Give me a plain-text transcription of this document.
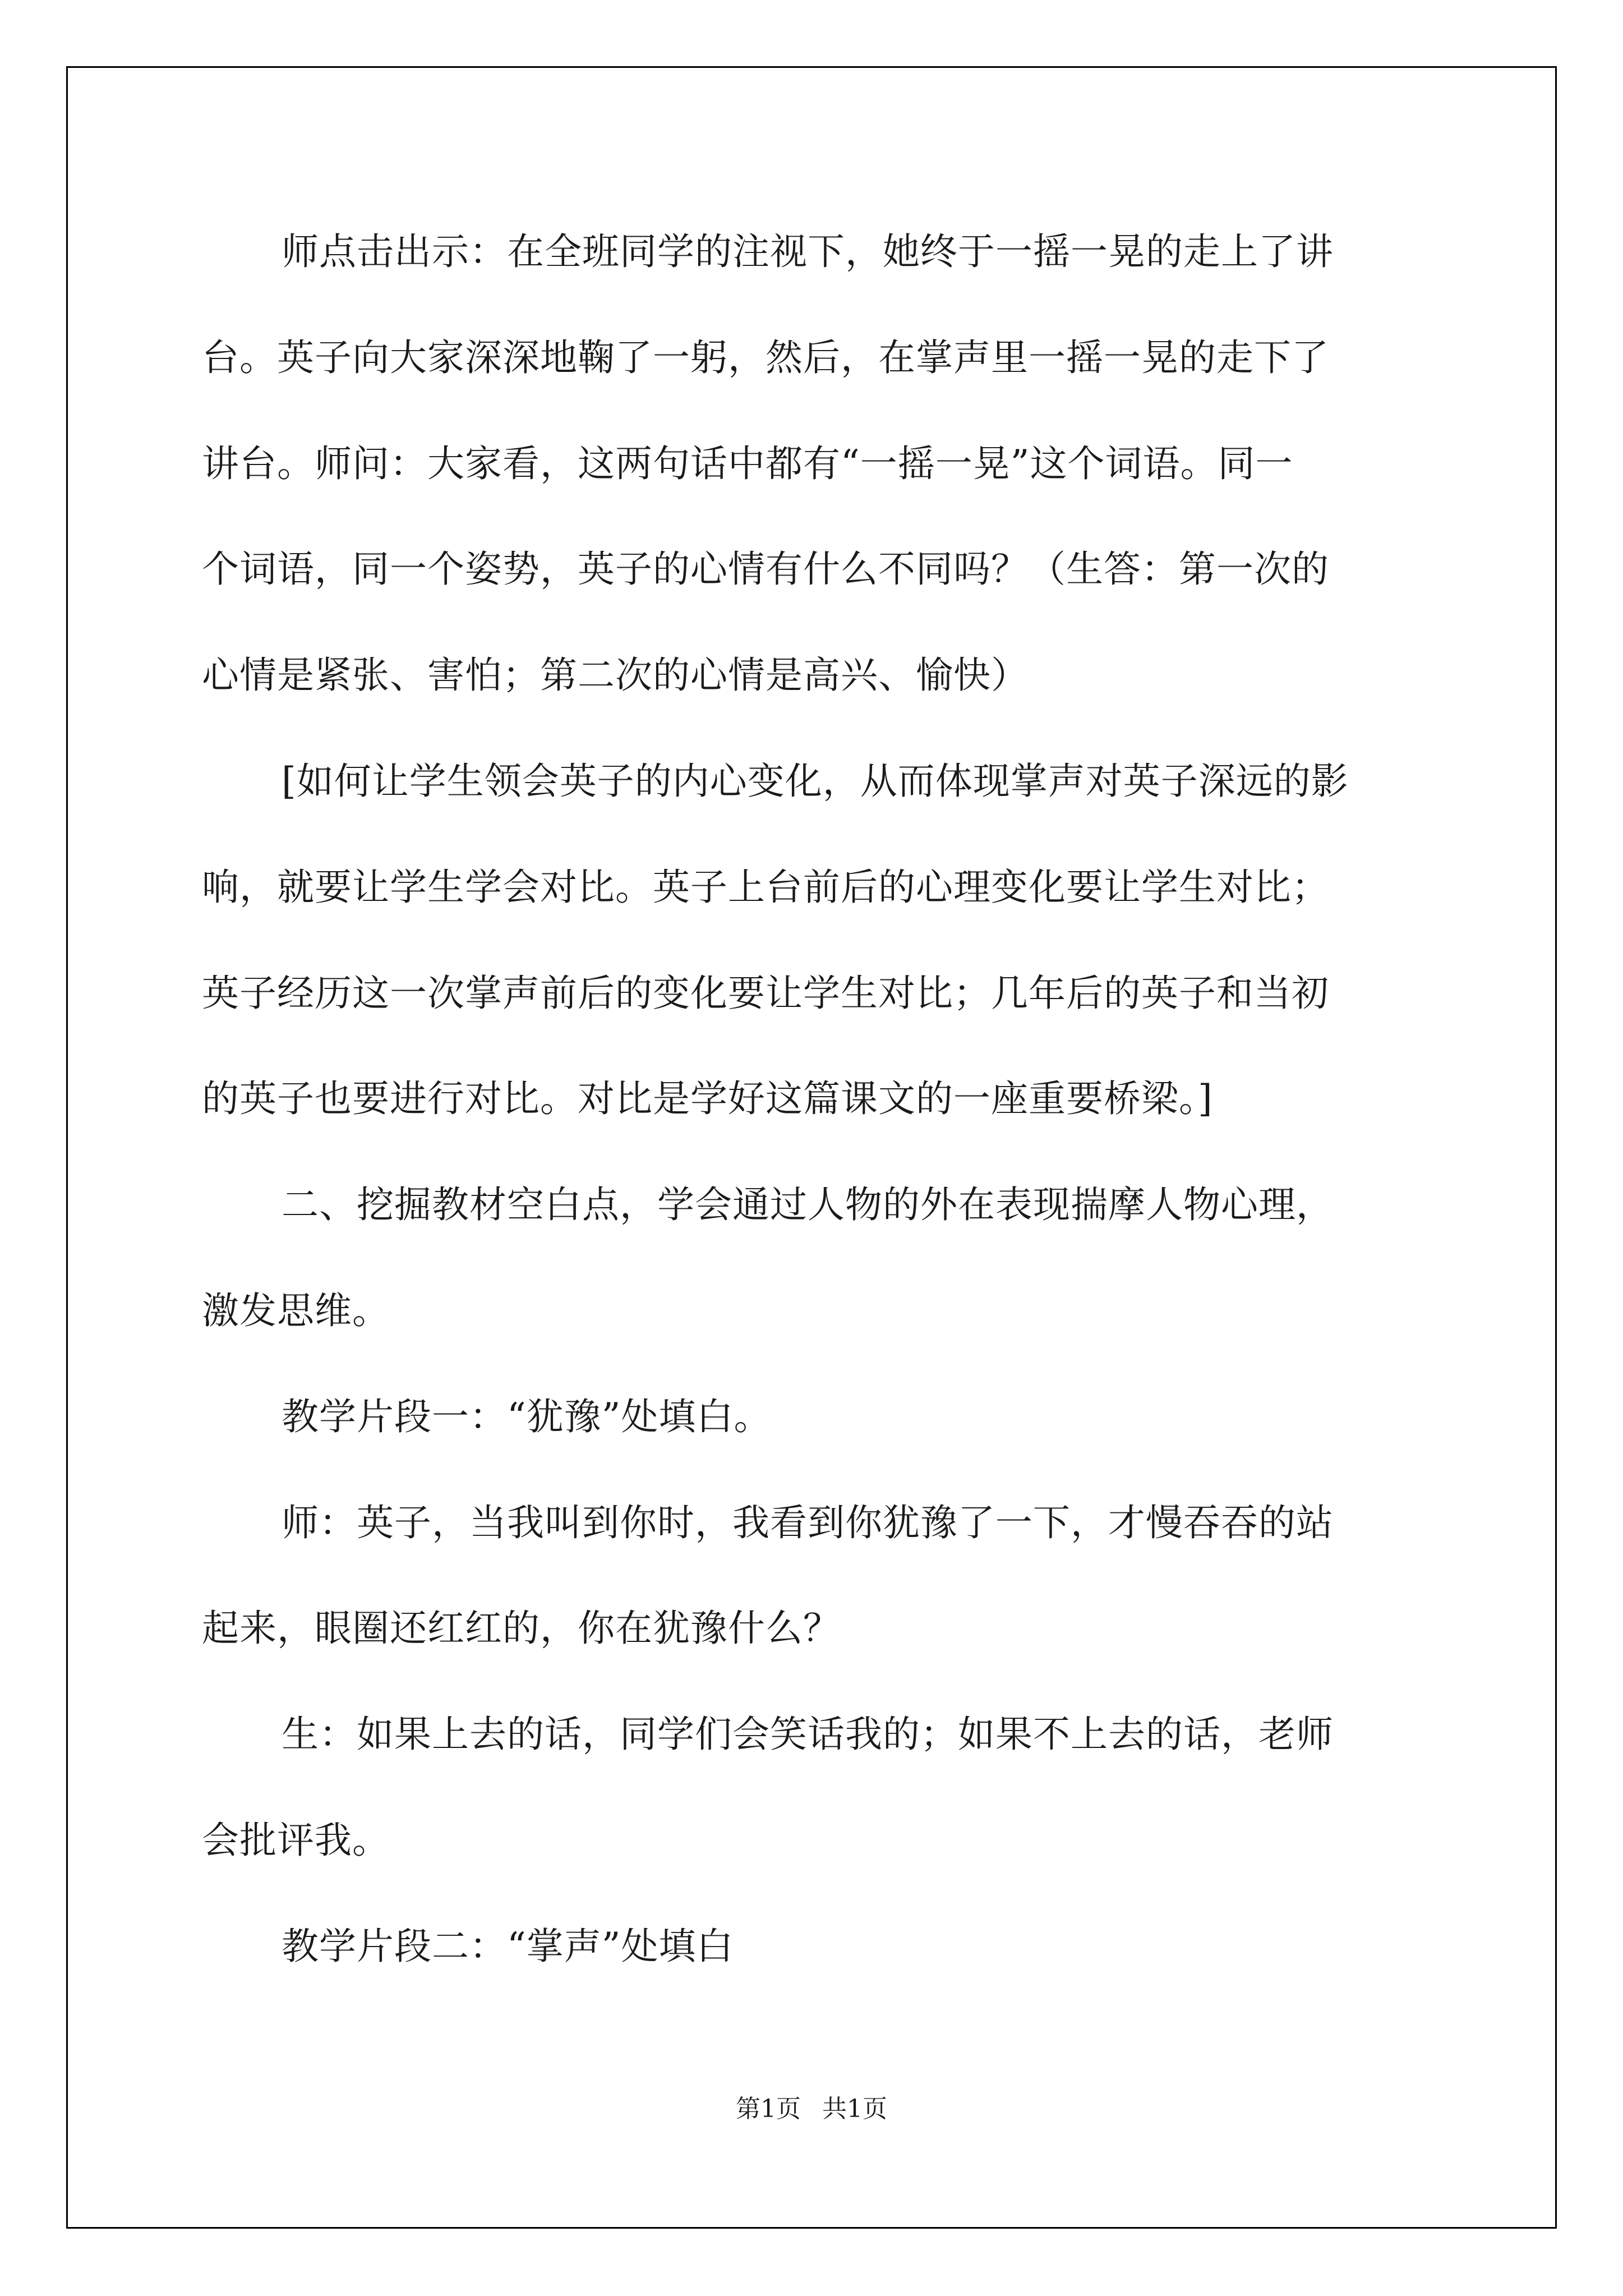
师点击出示：在全班同学的注视下，她终于一摇一晃的走上了讲
台。英子向大家深深地鞠了一躬，然后，在掌声里一摇一晃的走下了
讲台。师问：大家看，这两句话中都有“一摇一晃”这个词语。同一
个词语，同一个姿势，英子的心情有什么不同吗？（生答：第一次的
心情是紧张、害怕；第二次的心情是高兴、愉快）
[如何让学生领会英子的内心变化，从而体现掌声对英子深远的影
响，就要让学生学会对比。英子上台前后的心理变化要让学生对比；
英子经历这一次掌声前后的变化要让学生对比；几年后的英子和当初
的英子也要进行对比。对比是学好这篇课文的一座重要桥梁。]
二、挖掘教材空白点，学会通过人物的外在表现揣摩人物心理，
激发思维。
教学片段一：“犹豫”处填白。
师：英子，当我叫到你时，我看到你犹豫了一下，才慢吞吞的站
起来，眼圈还红红的，你在犹豫什么？
生：如果上去的话，同学们会笑话我的；如果不上去的话，老师
会批评我。
教学片段二：“掌声”处填白
第1页 共1页
